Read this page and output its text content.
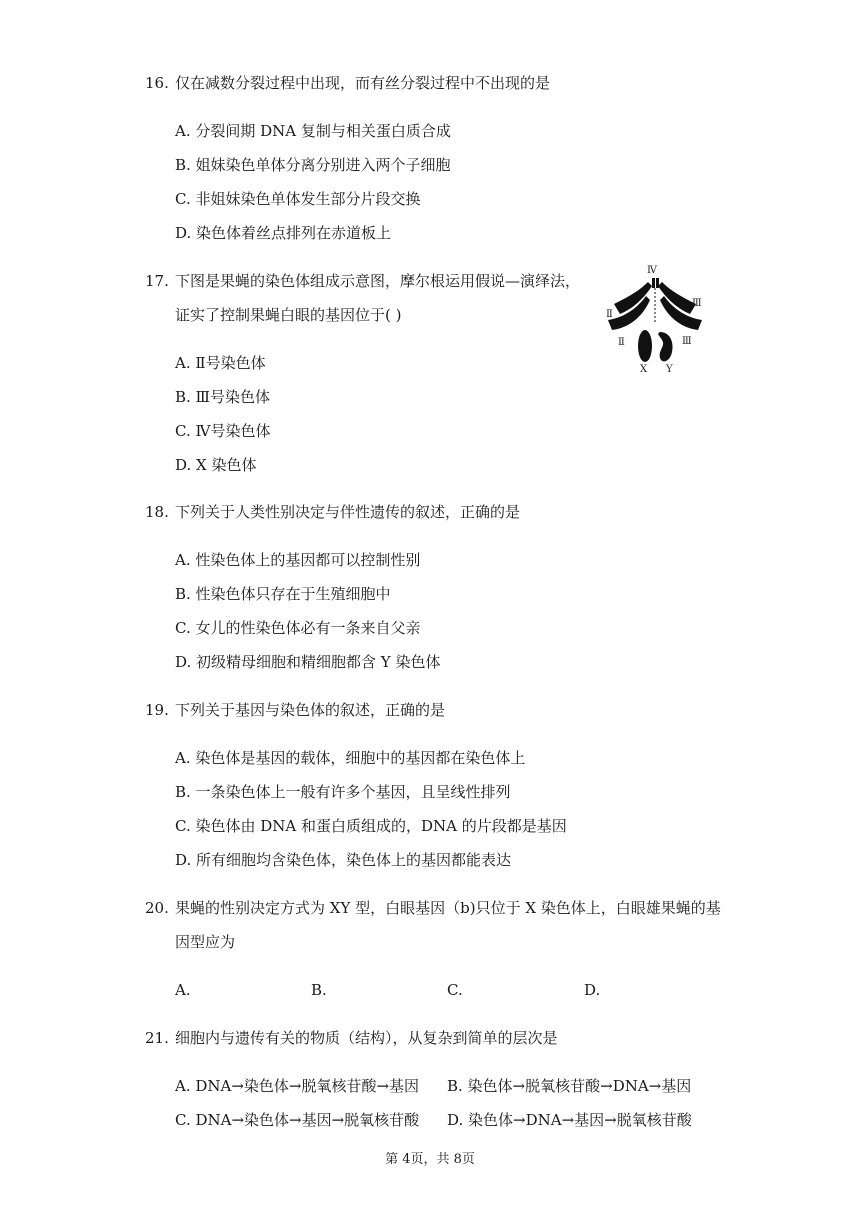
16. 仅在减数分裂过程中出现，而有丝分裂过程中不出现的是
A. 分裂间期 DNA 复制与相关蛋白质合成
B. 姐妹染色单体分离分别进入两个子细胞
C. 非姐妹染色单体发生部分片段交换
D. 染色体着丝点排列在赤道板上
17. 下图是果蝇的染色体组成示意图，摩尔根运用假说—演绎法，
证实了控制果蝇白眼的基因位于( )
A. Ⅱ号染色体
B. Ⅲ号染色体
C. Ⅳ号染色体
D. X 染色体
Ⅳ
Ⅱ
Ⅲ
Ⅱ
Ⅲ
X Y
18. 下列关于人类性别决定与伴性遗传的叙述，正确的是
A. 性染色体上的基因都可以控制性别
B. 性染色体只存在于生殖细胞中
C. 女儿的性染色体必有一条来自父亲
D. 初级精母细胞和精细胞都含 Y 染色体
19. 下列关于基因与染色体的叙述，正确的是
A. 染色体是基因的载体，细胞中的基因都在染色体上
B. 一条染色体上一般有许多个基因，且呈线性排列
C. 染色体由 DNA 和蛋白质组成的，DNA 的片段都是基因
D. 所有细胞均含染色体，染色体上的基因都能表达
20. 果蝇的性别决定方式为 XY 型，白眼基因（b)只位于 X 染色体上，白眼雄果蝇的基
因型应为
A.	B.	C.	D.
21. 细胞内与遗传有关的物质（结构），从复杂到简单的层次是
A. DNA→染色体→脱氧核苷酸→基因 B. 染色体→脱氧核苷酸→DNA→基因
C. DNA→染色体→基因→脱氧核苷酸 D. 染色体→DNA→基因→脱氧核苷酸
第 4页，共 8页
